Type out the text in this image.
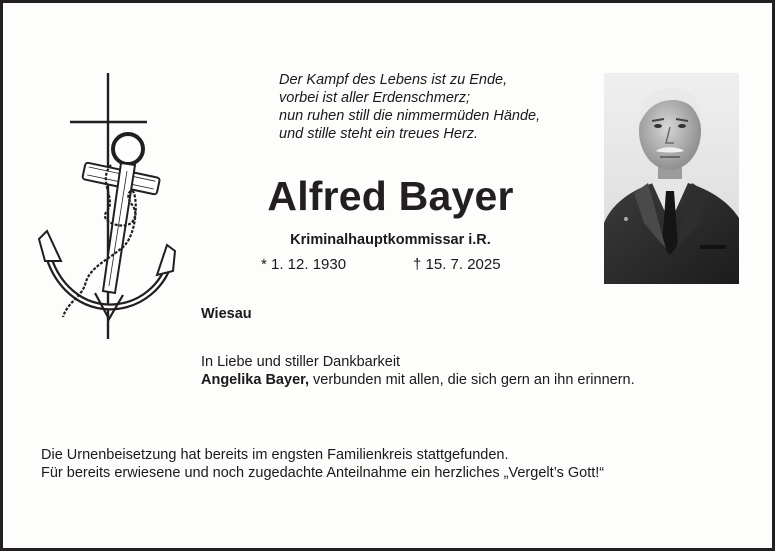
Der Kampf des Lebens ist zu Ende,
vorbei ist aller Erdenschmerz;
nun ruhen still die nimmermüden Hände,
und stille steht ein treues Herz.
Alfred Bayer
Kriminalhauptkommissar i.R.
* 1. 12. 1930	† 15. 7. 2025
Wiesau
In Liebe und stiller Dankbarkeit
Angelika Bayer, verbunden mit allen, die sich gern an ihn erinnern.
Die Urnenbeisetzung hat bereits im engsten Familienkreis stattgefunden.
Für bereits erwiesene und noch zugedachte Anteilnahme ein herzliches „Vergelt’s Gott!“
